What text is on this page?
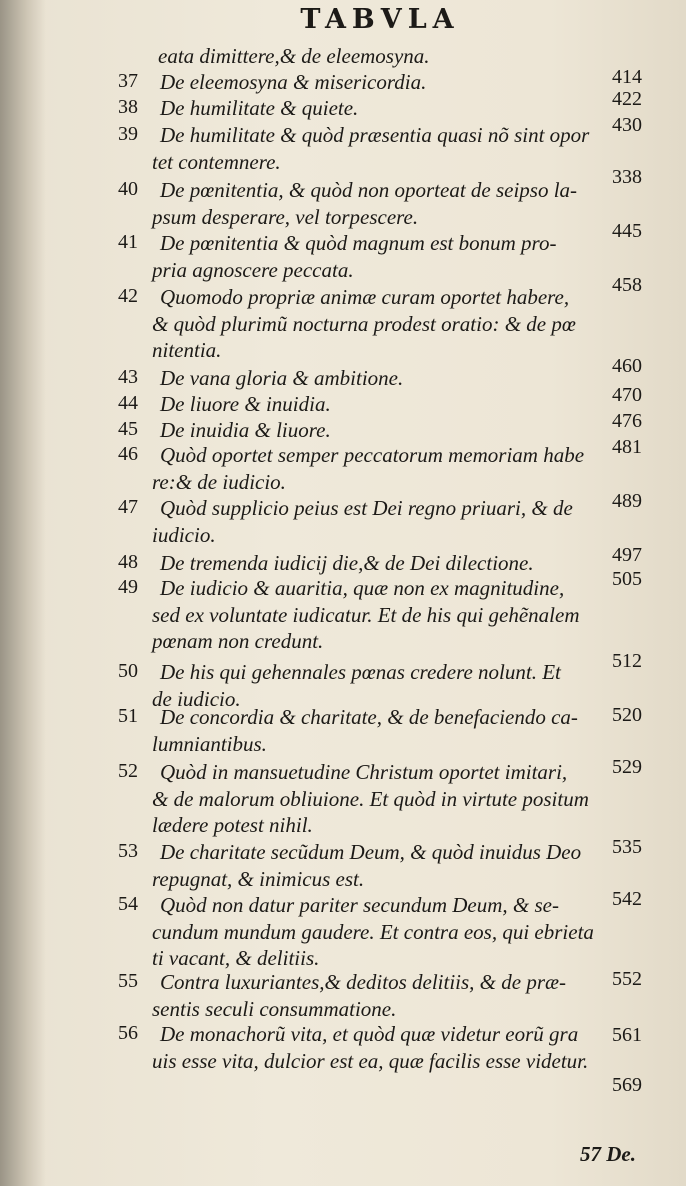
TABVLA
eata dimittere,& de eleemosyna.
414
37 De eleemosyna & misericordia.
422
38 De humilitate & quiete.
430
39 De humilitate & quòd præsentia quasi nõ sint opor
tet contemnere.
338
40 De pœnitentia, & quòd non oporteat de seipso la-
psum desperare, vel torpescere.
445
41 De pœnitentia & quòd magnum est bonum pro-
pria agnoscere peccata.
458
42 Quomodo propriæ animæ curam oportet habere,
& quòd plurimũ nocturna prodest oratio: & de pœ
nitentia.
460
43 De vana gloria & ambitione.
470
44 De liuore & inuidia.
476
45 De inuidia & liuore.
481
46 Quòd oportet semper peccatorum memoriam habe
re:& de iudicio.
489
47 Quòd supplicio peius est Dei regno priuari, & de
iudicio.
497
48 De tremenda iudicij die,& de Dei dilectione.
505
49 De iudicio & auaritia, quæ non ex magnitudine,
sed ex voluntate iudicatur. Et de his qui gehẽnalem
pœnam non credunt.
512
50 De his qui gehennales pœnas credere nolunt. Et
de iudicio.
520
51 De concordia & charitate, & de benefaciendo ca-
lumniantibus.
529
52 Quòd in mansuetudine Christum oportet imitari,
& de malorum obliuione. Et quòd in virtute positum
lædere potest nihil.
535
53 De charitate secũdum Deum, & quòd inuidus Deo
repugnat, & inimicus est.
542
54 Quòd non datur pariter secundum Deum, & se-
cundum mundum gaudere. Et contra eos, qui ebrieta
ti vacant, & delitiis.
552
55 Contra luxuriantes,& deditos delitiis, & de præ-
sentis seculi consummatione.
561
56 De monachorũ vita, et quòd quæ videtur eorũ gra
uis esse vita, dulcior est ea, quæ facilis esse videtur.
569
57 De.
